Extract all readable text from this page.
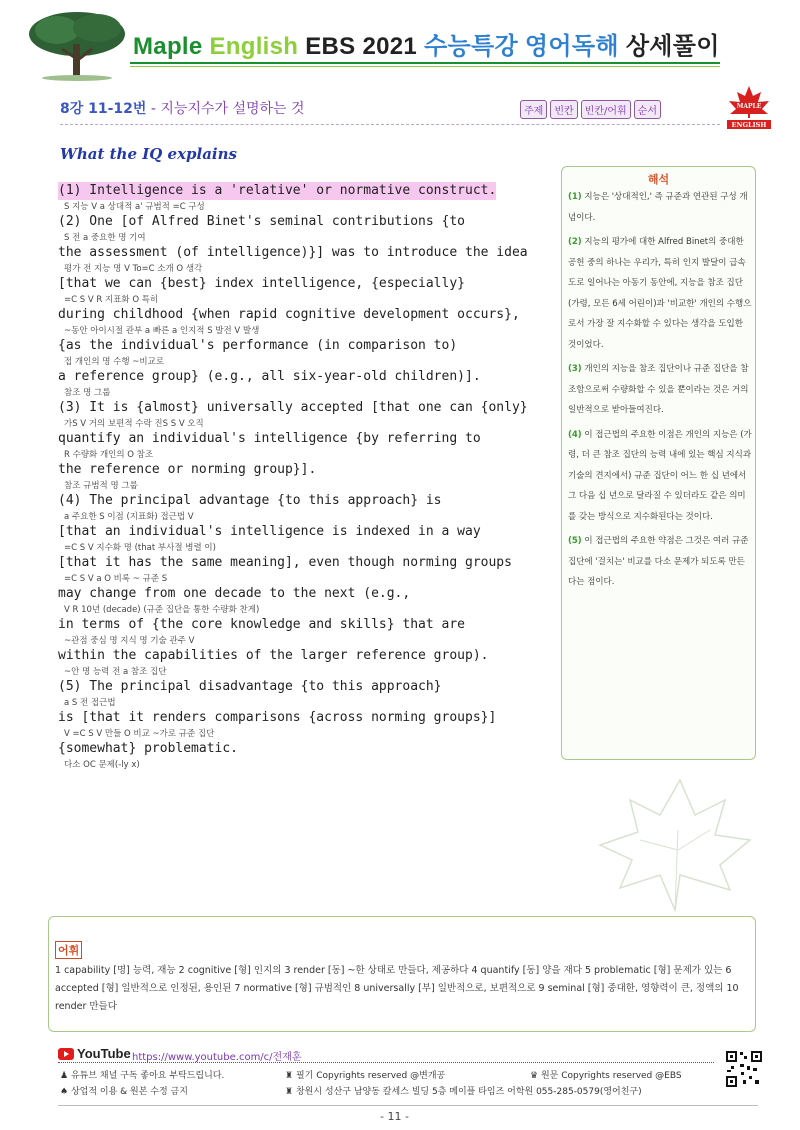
Maple English EBS 2021 수능특강 영어독해 상세풀이
8강 11-12번 - 지능지수가 설명하는 것	주제	빈칸	빈칸/어휘	순서	MAPLE
ENGLISH
What the IQ explains
(1) Intelligence is a 'relative' or normative construct.
S 지능 V a 상대적 a' 규범적 =C 구성
(2) One [of Alfred Binet's seminal contributions {to
S 전 a 중요한 명 기여
the assessment (of intelligence)}] was to introduce the idea
평가 전 지능 명 V To=C 소개 O 생각
[that we can {best} index intelligence, {especially}
=C S V R 지표화 O 특히
during childhood {when rapid cognitive development occurs},
~동안 아이시절 관부 a 빠른 a 인지적 S 발전 V 발생
{as the individual's performance (in comparison to)
접 개인의 명 수행 ~비교로
a reference group} (e.g., all six-year-old children)].
참조 명 그룹
(3) It is {almost} universally accepted [that one can {only}
가S V 거의 보편적 수락 진S S V 오직
quantify an individual's intelligence {by referring to
R 수량화 개인의 O 참조
the reference or norming group}].
참조 규범적 명 그룹
(4) The principal advantage {to this approach} is
a 주요한 S 이점 (지표화) 접근법 V
[that an individual's intelligence is indexed in a way
=C S V 지수화 명 (that 부사절 병렬 이)
[that it has the same meaning], even though norming groups
=C S V a O 비록 ~ 규준 S
may change from one decade to the next (e.g.,
V R 10년 (decade) (규준 집단을 통한 수량화 찬게)
in terms of {the core knowledge and skills} that are
~관점 중심 명 지식 명 기술 관주 V
within the capabilities of the larger reference group).
~안 명 능력 전 a 참조 집단
(5) The principal disadvantage {to this approach}
a S 전 접근법
is [that it renders comparisons {across norming groups}]
V =C S V 만들 O 비교 ~가로 규준 집단
{somewhat} problematic.
다소 OC 문제(-ly x)
해석

(1) 지능은 '상대적인,' 즉 규준과 연관된 구성 개념이다.

(2) 지능의 평가에 대한 Alfred Binet의 중대한 공헌 중의 하나는 우리가, 특히 인지 발달이 급속도로 일어나는 아동기 동안에, 지능을 참조 집단(가령, 모든 6세 어린이)과 '비교한' 개인의 수행으로서 가장 잘 지수화할 수 있다는 생각을 도입한 것이었다.

(3) 개인의 지능을 참조 집단이나 규준 집단을 참조함으로써 수량화할 수 있을 뿐이라는 것은 거의 일반적으로 받아들여진다.

(4) 이 접근법의 주요한 이점은 개인의 지능은 (가령, 더 큰 참조 집단의 능력 내에 있는 핵심 지식과 기술의 견지에서) 규준 집단이 어느 한 십 년에서 그 다음 십 년으로 달라질 수 있더라도 같은 의미를 갖는 방식으로 지수화된다는 것이다.

(5) 이 접근법의 주요한 약점은 그것은 여러 규준 집단에 '걸치는' 비교를 다소 문제가 되도록 만든다는 점이다.

어휘
1 capability [명] 능력, 재능 2 cognitive [형] 인지의 3 render [동] ~한 상태로 만들다, 제공하다 4 quantify [동] 양을 재다 5 problematic [형] 문제가 있는 6 accepted [형] 일반적으로 인정된, 용인된 7 normative [형] 규범적인 8 universally [부] 일반적으로, 보편적으로 9 seminal [형] 중대한, 영향력이 큰, 정액의 10 render 만들다
YouTube https://www.youtube.com/c/전재훈
♟ 유튜브 채널 구독 좋아요 부탁드립니다.	♜ 필기 Copyrights reserved @변개공	♛ 원문 Copyrights reserved @EBS
♠ 상업적 이용 & 원본 수정 금지	♜ 창원시 성산구 남양동 칼세스 빌딩 5층 메이플 타임즈 어학원 055-285-0579(영어친구)
- 11 -
